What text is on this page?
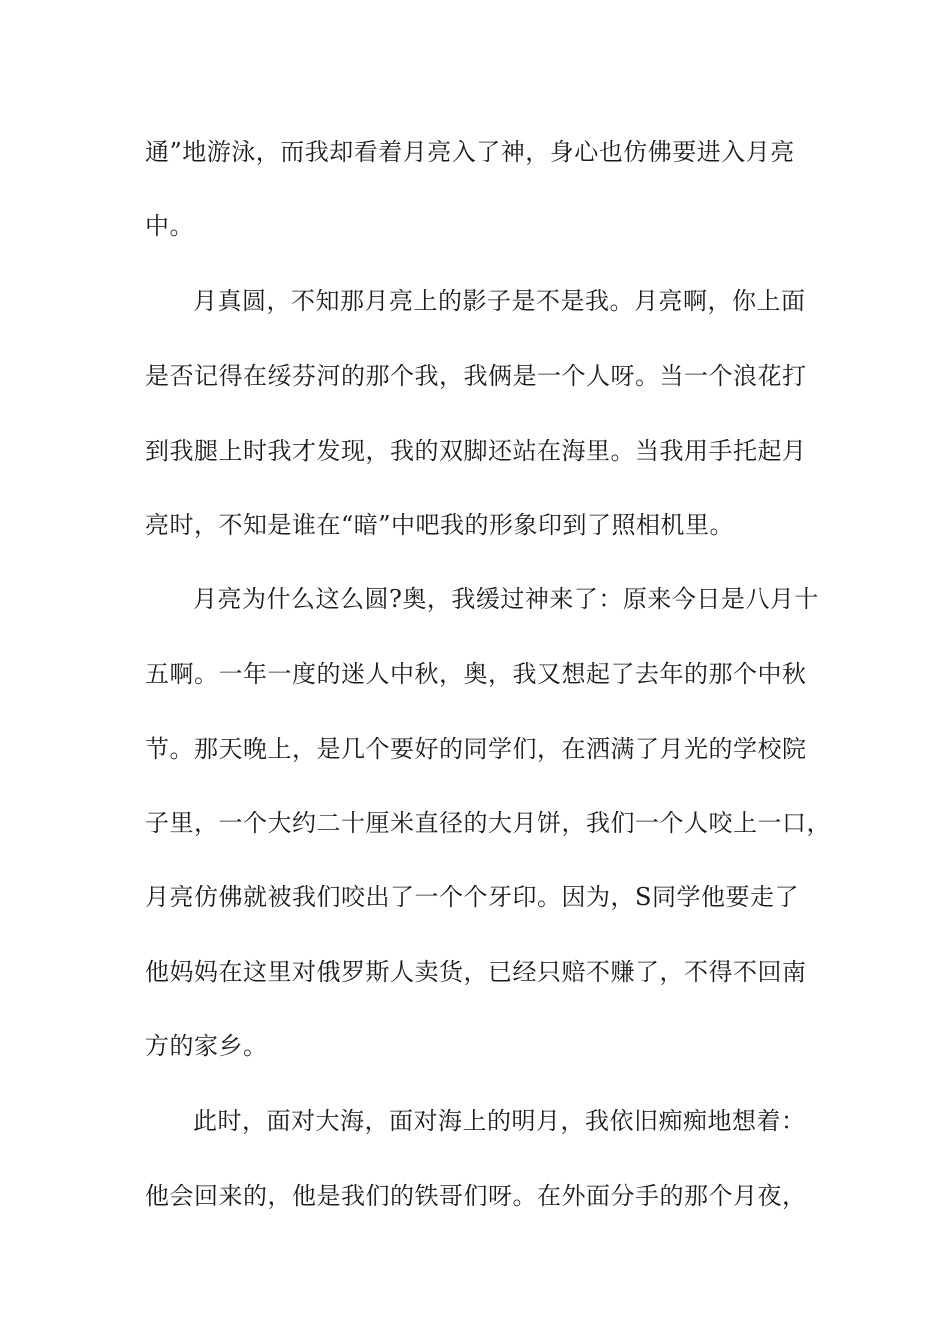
通”地游泳，而我却看着月亮入了神，身心也仿佛要进入月亮
中。
月真圆，不知那月亮上的影子是不是我。月亮啊，你上面
是否记得在绥芬河的那个我，我俩是一个人呀。当一个浪花打
到我腿上时我才发现，我的双脚还站在海里。当我用手托起月
亮时，不知是谁在“暗”中吧我的形象印到了照相机里。
月亮为什么这么圆?奥，我缓过神来了：原来今日是八月十
五啊。一年一度的迷人中秋，奥，我又想起了去年的那个中秋
节。那天晚上，是几个要好的同学们，在洒满了月光的学校院
子里，一个大约二十厘米直径的大月饼，我们一个人咬上一口，
月亮仿佛就被我们咬出了一个个牙印。因为，S同学他要走了
他妈妈在这里对俄罗斯人卖货，已经只赔不赚了，不得不回南
方的家乡。
此时，面对大海，面对海上的明月，我依旧痴痴地想着：
他会回来的，他是我们的铁哥们呀。在外面分手的那个月夜，
